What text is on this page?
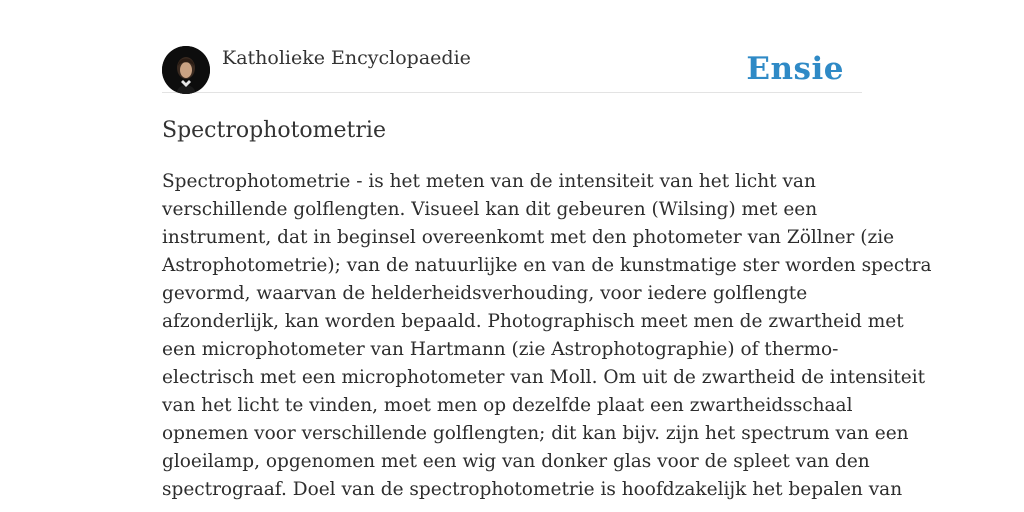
Katholieke Encyclopaedie	Ensie
Spectrophotometrie
Spectrophotometrie - is het meten van de intensiteit van het licht van
verschillende golflengten. Visueel kan dit gebeuren (Wilsing) met een
instrument, dat in beginsel overeenkomt met den photometer van Zöllner (zie
Astrophotometrie); van de natuurlijke en van de kunstmatige ster worden spectra
gevormd, waarvan de helderheidsverhouding, voor iedere golflengte
afzonderlijk, kan worden bepaald. Photographisch meet men de zwartheid met
een microphotometer van Hartmann (zie Astrophotographie) of thermo-
electrisch met een microphotometer van Moll. Om uit de zwartheid de intensiteit
van het licht te vinden, moet men op dezelfde plaat een zwartheidsschaal
opnemen voor verschillende golflengten; dit kan bijv. zijn het spectrum van een
gloeilamp, opgenomen met een wig van donker glas voor de spleet van den
spectrograaf. Doel van de spectrophotometrie is hoofdzakelijk het bepalen van
